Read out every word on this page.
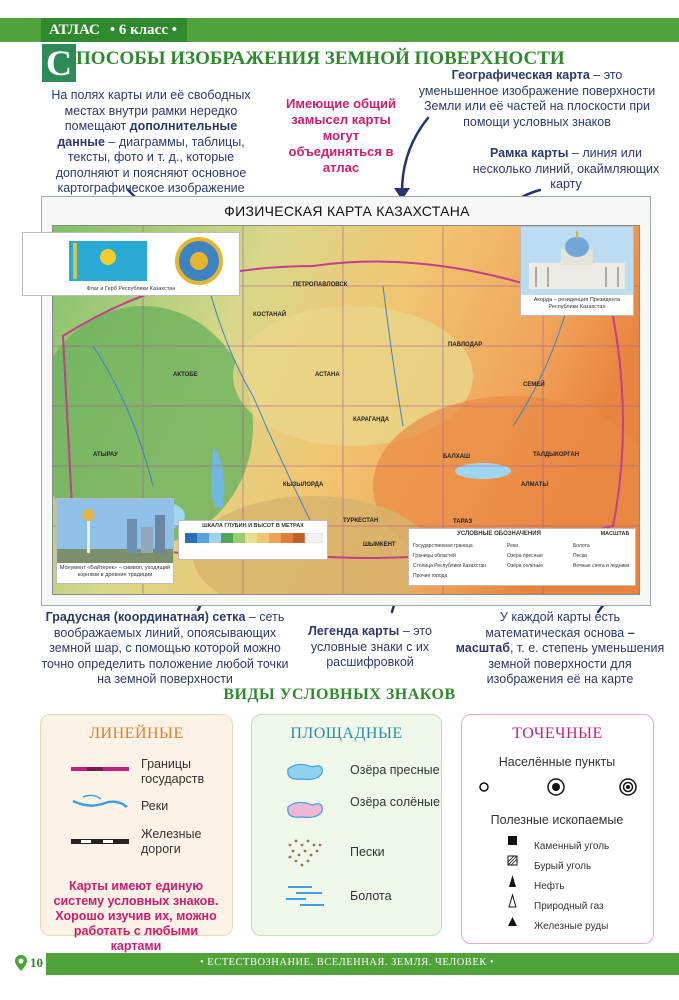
АТЛАС • 6 класс •
С ПОСОБЫ ИЗОБРАЖЕНИЯ ЗЕМНОЙ ПОВЕРХНОСТИ
На полях карты или её свободных местах внутри рамки нередко помещают дополнительные данные – диаграммы, таблицы, тексты, фото и т. д., которые дополняют и поясняют основное картографическое изображение
Имеющие общий замысел карты могут объединяться в атлас
Географическая карта – это уменьшенное изображение поверхности Земли или её частей на плоскости при помощи условных знаков
Рамка карты – линия или несколько линий, окаймляющих карту
ФИЗИЧЕСКАЯ КАРТА КАЗАХСТАНА
АСТАНА
КАРАГАНДА
АЛМАТЫ
ТАРАЗ
ШЫМКЕНТ
ТУРКЕСТАН
ПАВЛОДАР
АКТОБЕ
КОСТАНАЙ
СЕМЕЙ
АТЫРАУ
КЫЗЫЛОРДА
ПЕТРОПАВЛОВСК
ТАЛДЫКОРГАН
БАЛХАШ
Флаг и Герб Республики Казахстан
Акорда – резиденция Президента Республики Казахстан
Монумент «Байтерек» – символ, уходящий корнями в древние традиции
ШКАЛА ГЛУБИН И ВЫСОТ В МЕТРАХ
УСЛОВНЫЕ ОБОЗНАЧЕНИЯ	МАСШТАБ
Государственная граница
Границы областей
Столица Республики Казахстан
Прочие города
Реки
Озёра пресные
Озёра солёные
Болота
Пески
Вечные снега и ледники
Градусная (координатная) сетка – сеть воображаемых линий, опоясывающих земной шар, с помощью которой можно точно определить положение любой точки на земной поверхности
Легенда карты – это условные знаки с их расшифровкой
У каждой карты есть математическая основа – масштаб, т. е. степень уменьшения земной поверхности для изображения её на карте
ВИДЫ УСЛОВНЫХ ЗНАКОВ
ЛИНЕЙНЫЕ
Границы государств
Реки
Железные дороги
Карты имеют единую систему условных знаков. Хорошо изучив их, можно работать с любыми картами
ПЛОЩАДНЫЕ
Озёра пресные
Озёра солёные
Пески
Болота
ТОЧЕЧНЫЕ
Населённые пункты
Полезные ископаемые
Каменный уголь
Бурый уголь
Нефть
Природный газ
Железные руды
10	• ЕСТЕСТВОЗНАНИЕ. ВСЕЛЕННАЯ. ЗЕМЛЯ. ЧЕЛОВЕК •
